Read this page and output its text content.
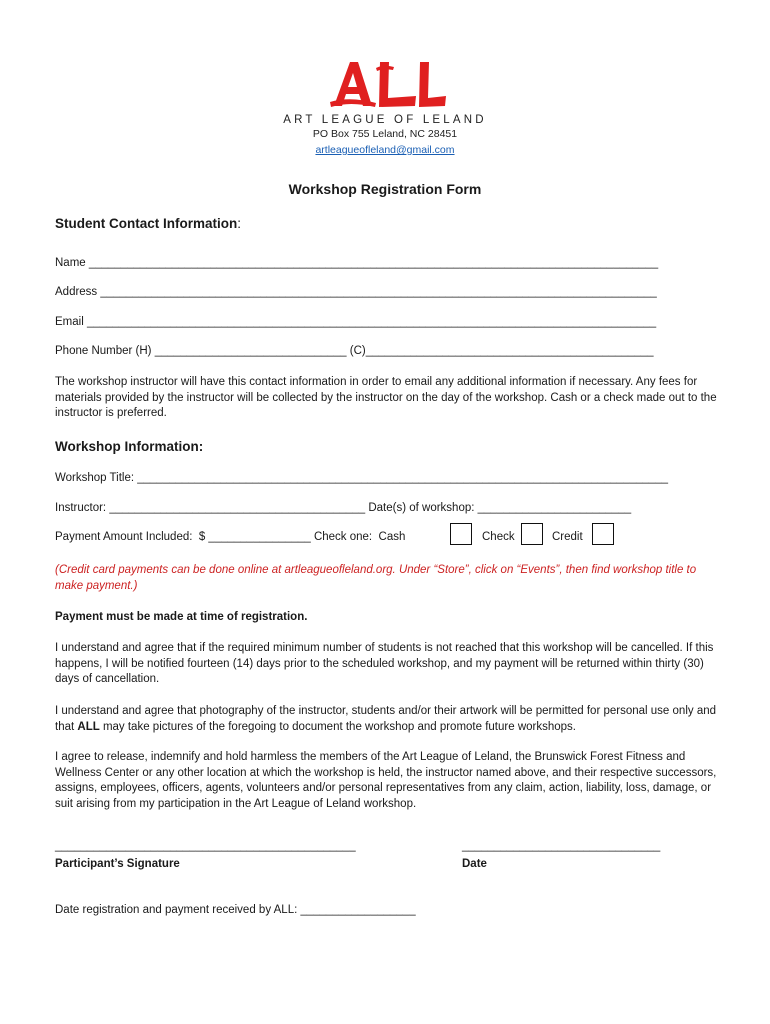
ART LEAGUE OF LELAND
PO Box 755 Leland, NC 28451
artleagueofleland@gmail.com
Workshop Registration Form
Student Contact Information:
Name _________________________________________________________________________________________
Address _______________________________________________________________________________________
Email _________________________________________________________________________________________
Phone Number (H) ______________________________ (C)_____________________________________________
The workshop instructor will have this contact information in order to email any additional information if necessary. Any fees for materials provided by the instructor will be collected by the instructor on the day of the workshop. Cash or a check made out to the instructor is preferred.
Workshop Information:
Workshop Title: ___________________________________________________________________________________
Instructor: ________________________________________ Date(s) of workshop: ________________________
Payment Amount Included:  $ ________________ Check one:  Cash	Check	Credit
(Credit card payments can be done online at artleagueofleland.org. Under “Store”, click on “Events”, then find workshop title to make payment.)
Payment must be made at time of registration.
I understand and agree that if the required minimum number of students is not reached that this workshop will be cancelled. If this happens, I will be notified fourteen (14) days prior to the scheduled workshop, and my payment will be returned within thirty (30) days of cancellation.
I understand and agree that photography of the instructor, students and/or their artwork will be permitted for personal use only and that ALL may take pictures of the foregoing to document the workshop and promote future workshops.
I agree to release, indemnify and hold harmless the members of the Art League of Leland, the Brunswick Forest Fitness and Wellness Center or any other location at which the workshop is held, the instructor named above, and their respective successors, assigns, employees, officers, agents, volunteers and/or personal representatives from any claim, action, liability, loss, damage, or suit arising from my participation in the Art League of Leland workshop.
_______________________________________________	_______________________________
Participant’s Signature	Date
Date registration and payment received by ALL: __________________
